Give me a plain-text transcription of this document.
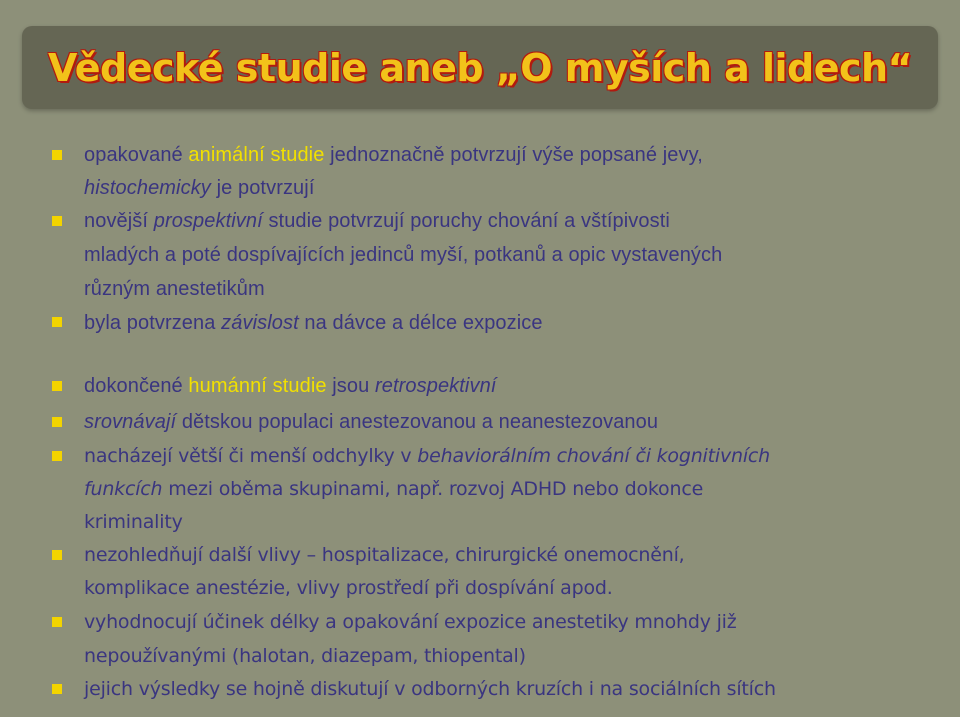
Vědecké studie aneb „O myších a lidech“
opakované animální studie jednoznačně potvrzují výše popsané jevy,
histochemicky je potvrzují
novější prospektivní studie potvrzují poruchy chování a vštípivosti
mladých a poté dospívajících jedinců myší, potkanů a opic vystavených
různým anestetikům
byla potvrzena závislost na dávce a délce expozice
dokončené humánní studie jsou retrospektivní
srovnávají dětskou populaci anestezovanou a neanestezovanou
nacházejí větší či menší odchylky v behaviorálním chování či kognitivních
funkcích mezi oběma skupinami, např. rozvoj ADHD nebo dokonce
kriminality
nezohledňují další vlivy – hospitalizace, chirurgické onemocnění,
komplikace anestézie, vlivy prostředí při dospívání apod.
vyhodnocují účinek délky a opakování expozice anestetiky mnohdy již
nepoužívanými (halotan, diazepam, thiopental)
jejich výsledky se hojně diskutují v odborných kruzích i na sociálních sítích
